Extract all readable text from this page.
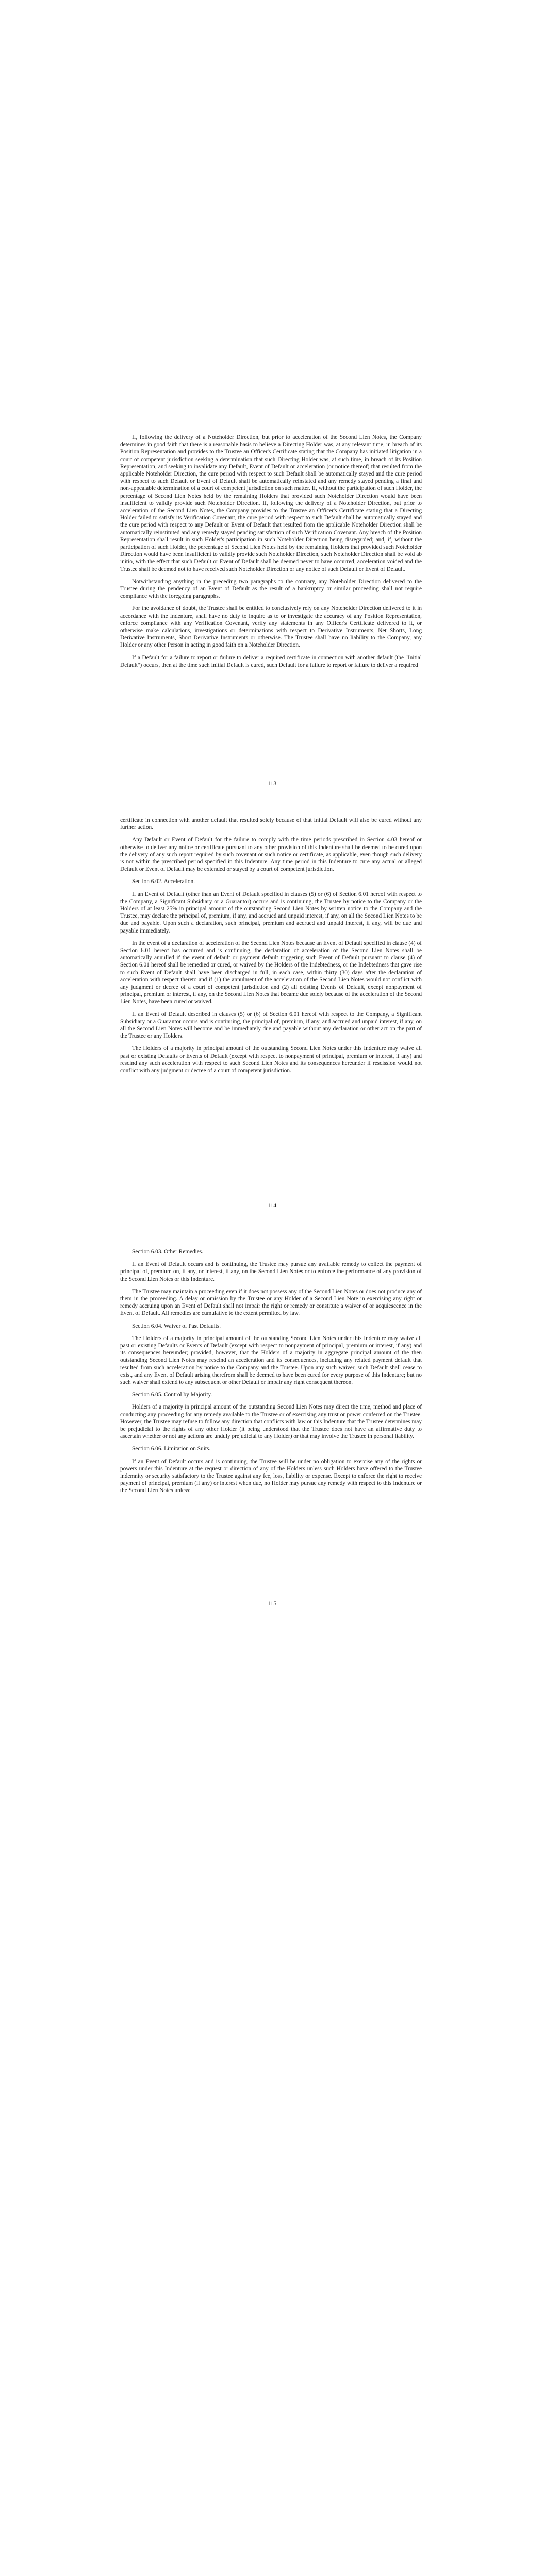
If, following the delivery of a Noteholder Direction, but prior to acceleration of the Second Lien Notes, the Company determines in good faith that there is a reasonable basis to believe a Directing Holder was, at any relevant time, in breach of its Position Representation and provides to the Trustee an Officer's Certificate stating that the Company has initiated litigation in a court of competent jurisdiction seeking a determination that such Directing Holder was, at such time, in breach of its Position Representation, and seeking to invalidate any Default, Event of Default or acceleration (or notice thereof) that resulted from the applicable Noteholder Direction, the cure period with respect to such Default shall be automatically stayed and the cure period with respect to such Default or Event of Default shall be automatically reinstated and any remedy stayed pending a final and non-appealable determination of a court of competent jurisdiction on such matter. If, without the participation of such Holder, the percentage of Second Lien Notes held by the remaining Holders that provided such Noteholder Direction would have been insufficient to validly provide such Noteholder Direction. If, following the delivery of a Noteholder Direction, but prior to acceleration of the Second Lien Notes, the Company provides to the Trustee an Officer's Certificate stating that a Directing Holder failed to satisfy its Verification Covenant, the cure period with respect to such Default shall be automatically stayed and the cure period with respect to any Default or Event of Default that resulted from the applicable Noteholder Direction shall be automatically reinstituted and any remedy stayed pending satisfaction of such Verification Covenant. Any breach of the Position Representation shall result in such Holder's participation in such Noteholder Direction being disregarded; and, if, without the participation of such Holder, the percentage of Second Lien Notes held by the remaining Holders that provided such Noteholder Direction would have been insufficient to validly provide such Noteholder Direction, such Noteholder Direction shall be void ab initio, with the effect that such Default or Event of Default shall be deemed never to have occurred, acceleration voided and the Trustee shall be deemed not to have received such Noteholder Direction or any notice of such Default or Event of Default.

Notwithstanding anything in the preceding two paragraphs to the contrary, any Noteholder Direction delivered to the Trustee during the pendency of an Event of Default as the result of a bankruptcy or similar proceeding shall not require compliance with the foregoing paragraphs.

For the avoidance of doubt, the Trustee shall be entitled to conclusively rely on any Noteholder Direction delivered to it in accordance with the Indenture, shall have no duty to inquire as to or investigate the accuracy of any Position Representation, enforce compliance with any Verification Covenant, verify any statements in any Officer's Certificate delivered to it, or otherwise make calculations, investigations or determinations with respect to Derivative Instruments, Net Shorts, Long Derivative Instruments, Short Derivative Instruments or otherwise. The Trustee shall have no liability to the Company, any Holder or any other Person in acting in good faith on a Noteholder Direction.

If a Default for a failure to report or failure to deliver a required certificate in connection with another default (the "Initial Default") occurs, then at the time such Initial Default is cured, such Default for a failure to report or failure to deliver a required

113

certificate in connection with another default that resulted solely because of that Initial Default will also be cured without any further action.

Any Default or Event of Default for the failure to comply with the time periods prescribed in Section 4.03 hereof or otherwise to deliver any notice or certificate pursuant to any other provision of this Indenture shall be deemed to be cured upon the delivery of any such report required by such covenant or such notice or certificate, as applicable, even though such delivery is not within the prescribed period specified in this Indenture. Any time period in this Indenture to cure any actual or alleged Default or Event of Default may be extended or stayed by a court of competent jurisdiction.

Section 6.02. Acceleration.

If an Event of Default (other than an Event of Default specified in clauses (5) or (6) of Section 6.01 hereof with respect to the Company, a Significant Subsidiary or a Guarantor) occurs and is continuing, the Trustee by notice to the Company or the Holders of at least 25% in principal amount of the outstanding Second Lien Notes by written notice to the Company and the Trustee, may declare the principal of, premium, if any, and accrued and unpaid interest, if any, on all the Second Lien Notes to be due and payable. Upon such a declaration, such principal, premium and accrued and unpaid interest, if any, will be due and payable immediately.

In the event of a declaration of acceleration of the Second Lien Notes because an Event of Default specified in clause (4) of Section 6.01 hereof has occurred and is continuing, the declaration of acceleration of the Second Lien Notes shall be automatically annulled if the event of default or payment default triggering such Event of Default pursuant to clause (4) of Section 6.01 hereof shall be remedied or cured, or waived by the Holders of the Indebtedness, or the Indebtedness that gave rise to such Event of Default shall have been discharged in full, in each case, within thirty (30) days after the declaration of acceleration with respect thereto and if (1) the annulment of the acceleration of the Second Lien Notes would not conflict with any judgment or decree of a court of competent jurisdiction and (2) all existing Events of Default, except nonpayment of principal, premium or interest, if any, on the Second Lien Notes that became due solely because of the acceleration of the Second Lien Notes, have been cured or waived.

If an Event of Default described in clauses (5) or (6) of Section 6.01 hereof with respect to the Company, a Significant Subsidiary or a Guarantor occurs and is continuing, the principal of, premium, if any, and accrued and unpaid interest, if any, on all the Second Lien Notes will become and be immediately due and payable without any declaration or other act on the part of the Trustee or any Holders.

The Holders of a majority in principal amount of the outstanding Second Lien Notes under this Indenture may waive all past or existing Defaults or Events of Default (except with respect to nonpayment of principal, premium or interest, if any) and rescind any such acceleration with respect to such Second Lien Notes and its consequences hereunder if rescission would not conflict with any judgment or decree of a court of competent jurisdiction.

114

Section 6.03. Other Remedies.

If an Event of Default occurs and is continuing, the Trustee may pursue any available remedy to collect the payment of principal of, premium on, if any, or interest, if any, on the Second Lien Notes or to enforce the performance of any provision of the Second Lien Notes or this Indenture.

The Trustee may maintain a proceeding even if it does not possess any of the Second Lien Notes or does not produce any of them in the proceeding. A delay or omission by the Trustee or any Holder of a Second Lien Note in exercising any right or remedy accruing upon an Event of Default shall not impair the right or remedy or constitute a waiver of or acquiescence in the Event of Default. All remedies are cumulative to the extent permitted by law.

Section 6.04. Waiver of Past Defaults.

The Holders of a majority in principal amount of the outstanding Second Lien Notes under this Indenture may waive all past or existing Defaults or Events of Default (except with respect to nonpayment of principal, premium or interest, if any) and its consequences hereunder; provided, however, that the Holders of a majority in aggregate principal amount of the then outstanding Second Lien Notes may rescind an acceleration and its consequences, including any related payment default that resulted from such acceleration by notice to the Company and the Trustee. Upon any such waiver, such Default shall cease to exist, and any Event of Default arising therefrom shall be deemed to have been cured for every purpose of this Indenture; but no such waiver shall extend to any subsequent or other Default or impair any right consequent thereon.

Section 6.05. Control by Majority.

Holders of a majority in principal amount of the outstanding Second Lien Notes may direct the time, method and place of conducting any proceeding for any remedy available to the Trustee or of exercising any trust or power conferred on the Trustee. However, the Trustee may refuse to follow any direction that conflicts with law or this Indenture that the Trustee determines may be prejudicial to the rights of any other Holder (it being understood that the Trustee does not have an affirmative duty to ascertain whether or not any actions are unduly prejudicial to any Holder) or that may involve the Trustee in personal liability.

Section 6.06. Limitation on Suits.

If an Event of Default occurs and is continuing, the Trustee will be under no obligation to exercise any of the rights or powers under this Indenture at the request or direction of any of the Holders unless such Holders have offered to the Trustee indemnity or security satisfactory to the Trustee against any fee, loss, liability or expense. Except to enforce the right to receive payment of principal, premium (if any) or interest when due, no Holder may pursue any remedy with respect to this Indenture or the Second Lien Notes unless:

115
